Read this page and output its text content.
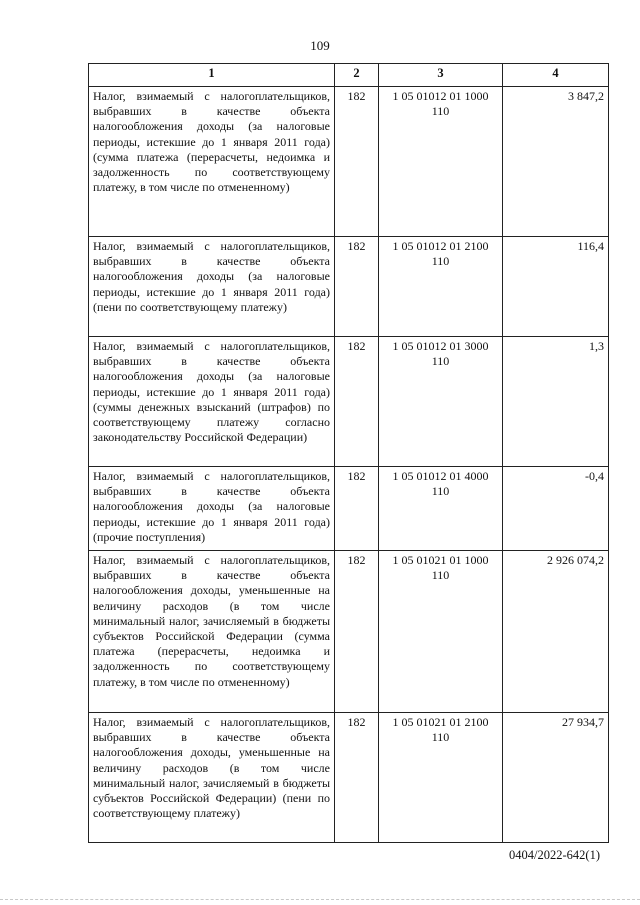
109
1	2	3	4
Налог, взимаемый с налогоплательщиков, выбравших в качестве объекта налогообложения доходы (за налоговые периоды, истекшие до 1 января 2011 года) (сумма платежа (перерасчеты, недоимка и задолженность по соответствующему платежу, в том числе по отмененному)	182	1 05 01012 01 1000 110	3 847,2
Налог, взимаемый с налогоплательщиков, выбравших в качестве объекта налогообложения доходы (за налоговые периоды, истекшие до 1 января 2011 года) (пени по соответствующему платежу)	182	1 05 01012 01 2100 110	116,4
Налог, взимаемый с налогоплательщиков, выбравших в качестве объекта налогообложения доходы (за налоговые периоды, истекшие до 1 января 2011 года) (суммы денежных взысканий (штрафов) по соответствующему платежу согласно законодательству Российской Федерации)	182	1 05 01012 01 3000 110	1,3
Налог, взимаемый с налогоплательщиков, выбравших в качестве объекта налогообложения доходы (за налоговые периоды, истекшие до 1 января 2011 года) (прочие поступления)	182	1 05 01012 01 4000 110	-0,4
Налог, взимаемый с налогоплательщиков, выбравших в качестве объекта налогообложения доходы, уменьшенные на величину расходов (в том числе минимальный налог, зачисляемый в бюджеты субъектов Российской Федерации (сумма платежа (перерасчеты, недоимка и задолженность по соответствующему платежу, в том числе по отмененному)	182	1 05 01021 01 1000 110	2 926 074,2
Налог, взимаемый с налогоплательщиков, выбравших в качестве объекта налогообложения доходы, уменьшенные на величину расходов (в том числе минимальный налог, зачисляемый в бюджеты субъектов Российской Федерации) (пени по соответствующему платежу)	182	1 05 01021 01 2100 110	27 934,7
0404/2022-642(1)
